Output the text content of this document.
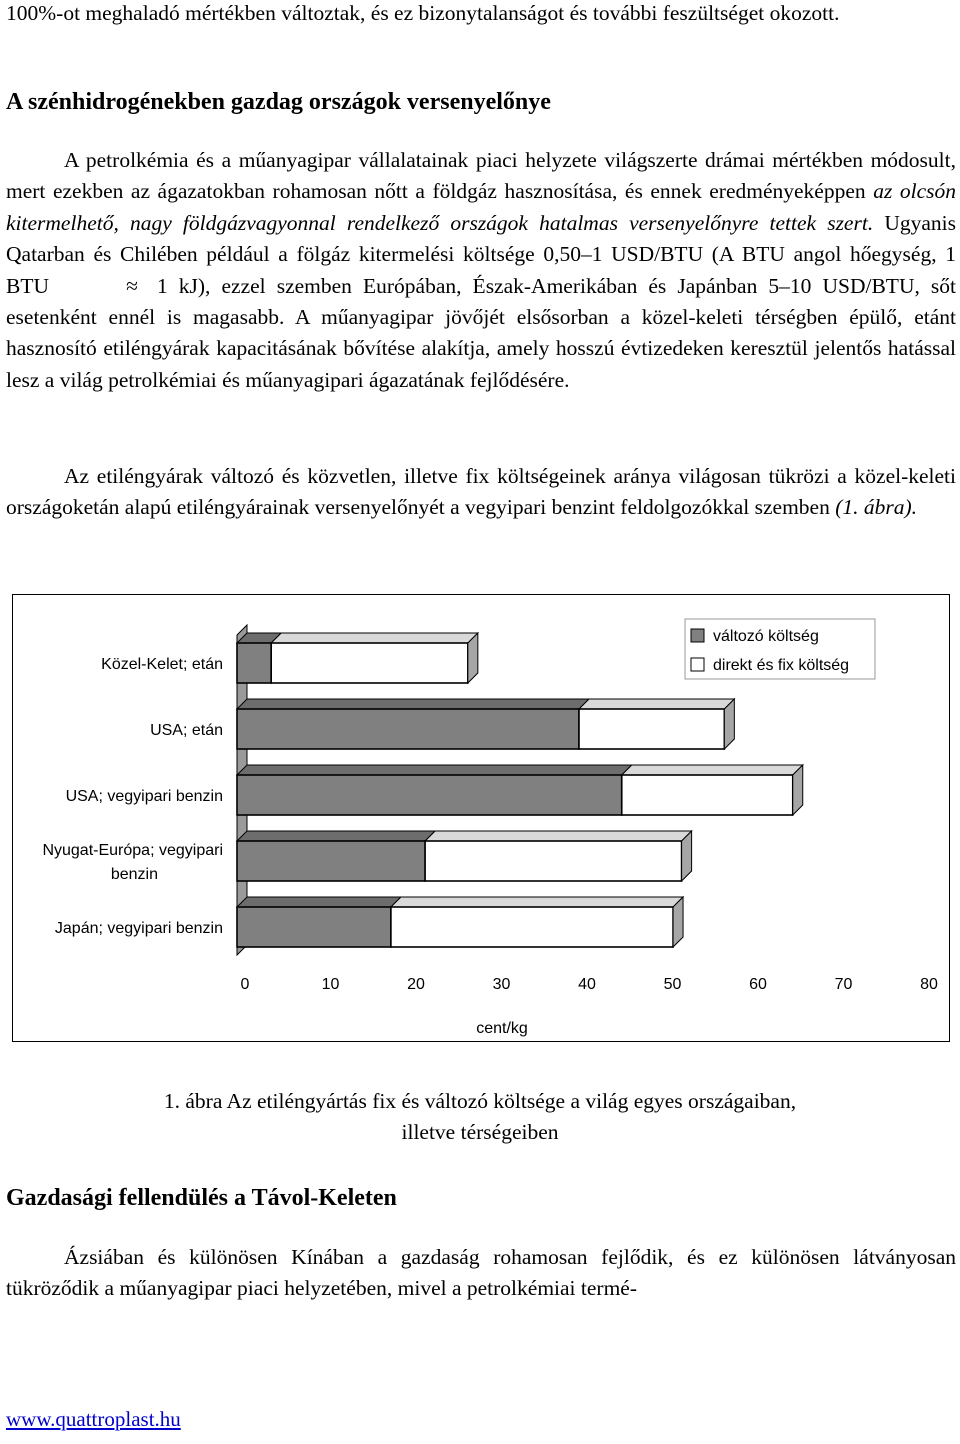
100%-ot meghaladó mértékben változtak, és ez bizonytalanságot és további feszültséget okozott.

A szénhidrogénekben gazdag országok versenyelőnye

A petrolkémia és a műanyagipar vállalatainak piaci helyzete világszerte drámai mértékben módosult, mert ezekben az ágazatokban rohamosan nőtt a földgáz hasznosítása, és ennek eredményeképpen az olcsón kitermelhető, nagy földgázvagyonnal rendelkező országok hatalmas versenyelőnyre tettek szert. Ugyanis Qatarban és Chilében például a fölgáz kitermelési költsége 0,50–1 USD/BTU (A BTU angol hőegység, 1 BTU	≈ 1 kJ), ezzel szemben Európában, Észak-Amerikában és Japánban 5–10 USD/BTU, sőt esetenként ennél is magasabb. A műanyagipar jövőjét elsősorban a közel-keleti térségben épülő, etánt hasznosító etiléngyárak kapacitásának bővítése alakítja, amely hosszú évtizedeken keresztül jelentős hatással lesz a világ petrolkémiai és műanyagipari ágazatának fejlődésére.

Az etiléngyárak változó és közvetlen, illetve fix költségeinek aránya világosan tükrözi a közel-keleti országoketán alapú etiléngyárainak versenyelőnyét a vegyipari benzint feldolgozókkal szemben (1. ábra).

Közel-Kelet; etán
USA; etán
USA; vegyipari benzin
Nyugat-Európa; vegyipari benzin
Japán; vegyipari benzin
0	10	20	30	40	50	60	70	80
cent/kg
változó költség
direkt és fix költség

1. ábra Az etiléngyártás fix és változó költsége a világ egyes országaiban,

illetve térségeiben

Gazdasági fellendülés a Távol-Keleten

Ázsiában és különösen Kínában a gazdaság rohamosan fejlődik, és ez különösen látványosan tükröződik a műanyagipar piaci helyzetében, mivel a petrolkémiai termé-

www.quattroplast.hu
